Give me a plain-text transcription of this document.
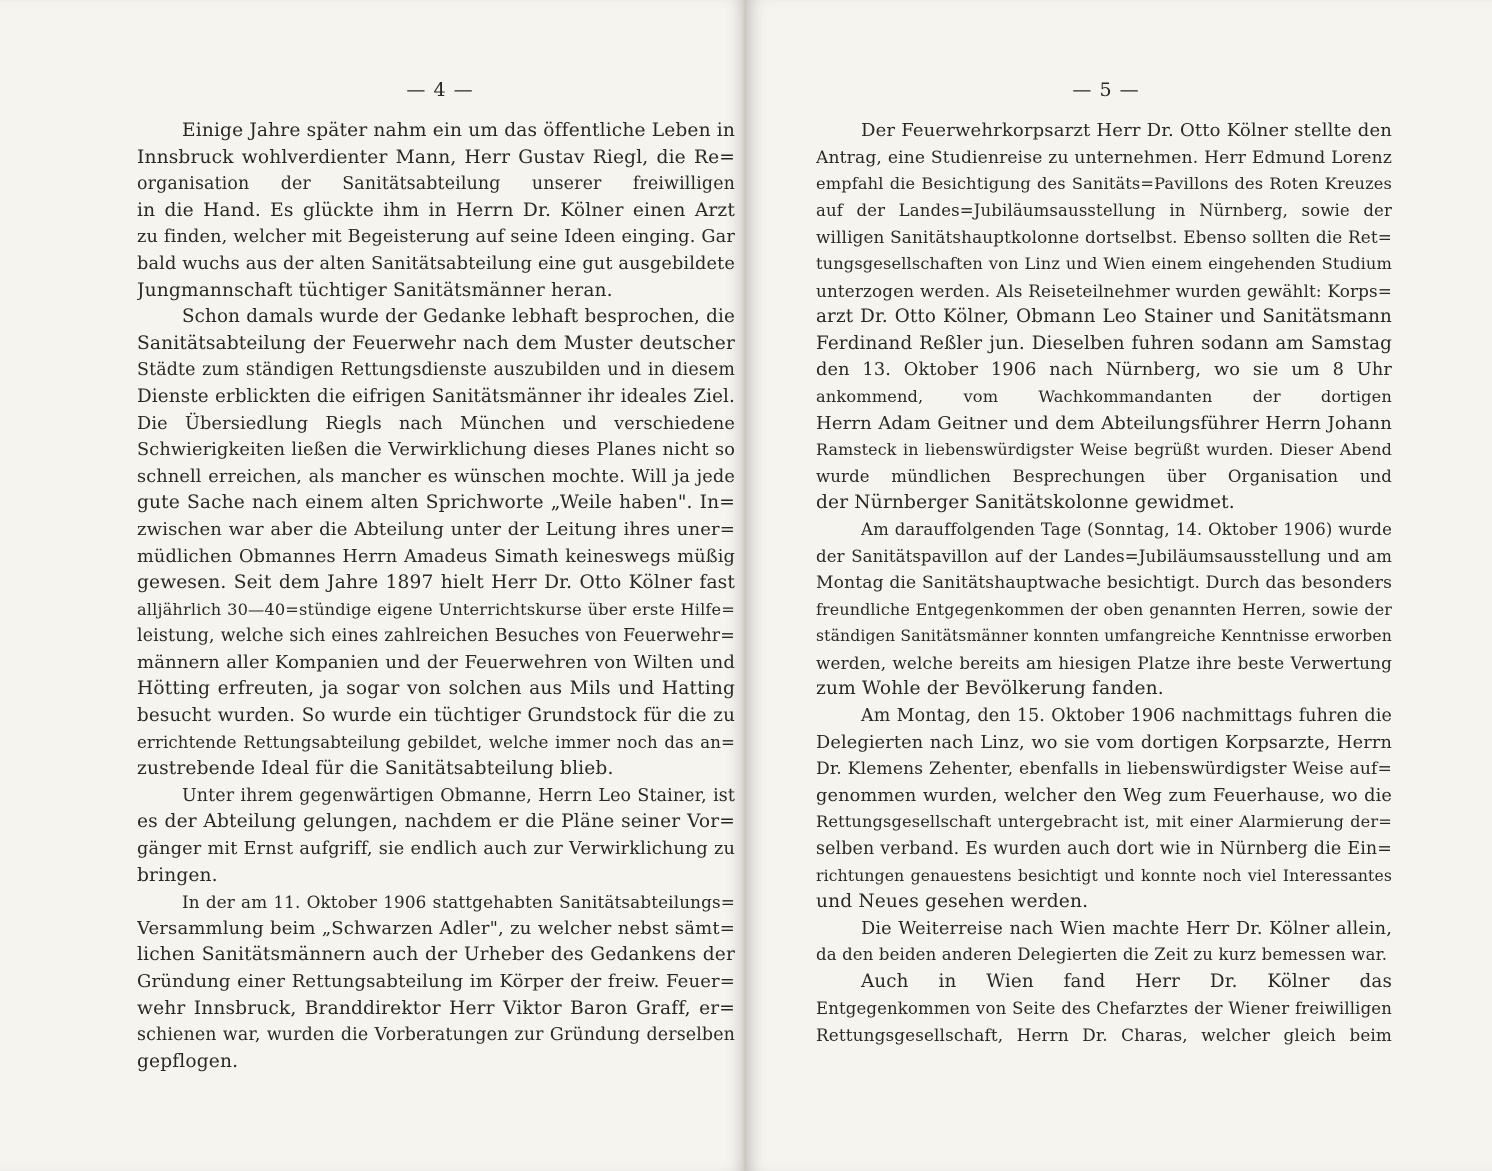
— 4 —
Einige Jahre später nahm ein um das öffentliche Leben in
Innsbruck wohlverdienter Mann, Herr Gustav Riegl, die Re=
organisation der Sanitätsabteilung unserer freiwilligen
in die Hand. Es glückte ihm in Herrn Dr. Kölner einen Arzt
zu finden, welcher mit Begeisterung auf seine Ideen einging. Gar
bald wuchs aus der alten Sanitätsabteilung eine gut ausgebildete
Jungmannschaft tüchtiger Sanitätsmänner heran.
Schon damals wurde der Gedanke lebhaft besprochen, die
Sanitätsabteilung der Feuerwehr nach dem Muster deutscher
Städte zum ständigen Rettungsdienste auszubilden und in diesem
Dienste erblickten die eifrigen Sanitätsmänner ihr ideales Ziel.
Die Übersiedlung Riegls nach München und verschiedene
Schwierigkeiten ließen die Verwirklichung dieses Planes nicht so
schnell erreichen, als mancher es wünschen mochte. Will ja jede
gute Sache nach einem alten Sprichworte „Weile haben". In=
zwischen war aber die Abteilung unter der Leitung ihres uner=
müdlichen Obmannes Herrn Amadeus Simath keineswegs müßig
gewesen. Seit dem Jahre 1897 hielt Herr Dr. Otto Kölner fast
alljährlich 30—40=stündige eigene Unterrichtskurse über erste Hilfe=
leistung, welche sich eines zahlreichen Besuches von Feuerwehr=
männern aller Kompanien und der Feuerwehren von Wilten und
Hötting erfreuten, ja sogar von solchen aus Mils und Hatting
besucht wurden. So wurde ein tüchtiger Grundstock für die zu
errichtende Rettungsabteilung gebildet, welche immer noch das an=
zustrebende Ideal für die Sanitätsabteilung blieb.
Unter ihrem gegenwärtigen Obmanne, Herrn Leo Stainer, ist
es der Abteilung gelungen, nachdem er die Pläne seiner Vor=
gänger mit Ernst aufgriff, sie endlich auch zur Verwirklichung zu
bringen.
In der am 11. Oktober 1906 stattgehabten Sanitätsabteilungs=
Versammlung beim „Schwarzen Adler", zu welcher nebst sämt=
lichen Sanitätsmännern auch der Urheber des Gedankens der
Gründung einer Rettungsabteilung im Körper der freiw. Feuer=
wehr Innsbruck, Branddirektor Herr Viktor Baron Graff, er=
schienen war, wurden die Vorberatungen zur Gründung derselben
gepflogen.
— 5 —
Der Feuerwehrkorpsarzt Herr Dr. Otto Kölner stellte den
Antrag, eine Studienreise zu unternehmen. Herr Edmund Lorenz
empfahl die Besichtigung des Sanitäts=Pavillons des Roten Kreuzes
auf der Landes=Jubiläumsausstellung in Nürnberg, sowie der
willigen Sanitätshauptkolonne dortselbst. Ebenso sollten die Ret=
tungsgesellschaften von Linz und Wien einem eingehenden Studium
unterzogen werden. Als Reiseteilnehmer wurden gewählt: Korps=
arzt Dr. Otto Kölner, Obmann Leo Stainer und Sanitätsmann
Ferdinand Reßler jun. Dieselben fuhren sodann am Samstag
den 13. Oktober 1906 nach Nürnberg, wo sie um 8 Uhr
ankommend, vom Wachkommandanten der dortigen
Herrn Adam Geitner und dem Abteilungsführer Herrn Johann
Ramsteck in liebenswürdigster Weise begrüßt wurden. Dieser Abend
wurde mündlichen Besprechungen über Organisation und
der Nürnberger Sanitätskolonne gewidmet.
Am darauffolgenden Tage (Sonntag, 14. Oktober 1906) wurde
der Sanitätspavillon auf der Landes=Jubiläumsausstellung und am
Montag die Sanitätshauptwache besichtigt. Durch das besonders
freundliche Entgegenkommen der oben genannten Herren, sowie der
ständigen Sanitätsmänner konnten umfangreiche Kenntnisse erworben
werden, welche bereits am hiesigen Platze ihre beste Verwertung
zum Wohle der Bevölkerung fanden.
Am Montag, den 15. Oktober 1906 nachmittags fuhren die
Delegierten nach Linz, wo sie vom dortigen Korpsarzte, Herrn
Dr. Klemens Zehenter, ebenfalls in liebenswürdigster Weise auf=
genommen wurden, welcher den Weg zum Feuerhause, wo die
Rettungsgesellschaft untergebracht ist, mit einer Alarmierung der=
selben verband. Es wurden auch dort wie in Nürnberg die Ein=
richtungen genauestens besichtigt und konnte noch viel Interessantes
und Neues gesehen werden.
Die Weiterreise nach Wien machte Herr Dr. Kölner allein,
da den beiden anderen Delegierten die Zeit zu kurz bemessen war.
Auch in Wien fand Herr Dr. Kölner das
Entgegenkommen von Seite des Chefarztes der Wiener freiwilligen
Rettungsgesellschaft, Herrn Dr. Charas, welcher gleich beim
